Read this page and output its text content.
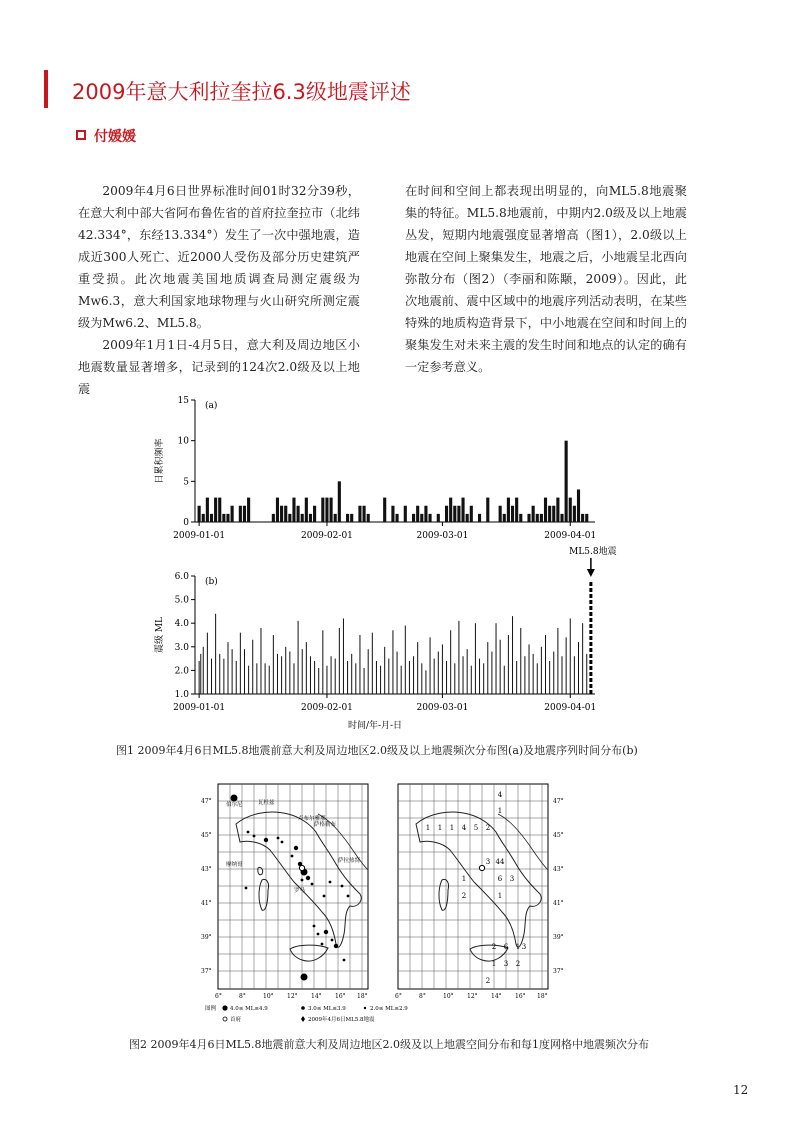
2009年意大利拉奎拉6.3级地震评述
付媛媛

2009年4月6日世界标准时间01时32分39秒，在意大利中部大省阿布鲁佐省的首府拉奎拉市（北纬42.334°，东经13.334°）发生了一次中强地震，造成近300人死亡、近2000人受伤及部分历史建筑严重受损。此次地震美国地质调查局测定震级为Mw6.3，意大利国家地球物理与火山研究所测定震级为Mw6.2、ML5.8。

2009年1月1日-4月5日，意大利及周边地区小地震数量显著增多，记录到的124次2.0级及以上地震

在时间和空间上都表现出明显的，向ML5.8地震聚集的特征。ML5.8地震前，中期内2.0级及以上地震丛发，短期内地震强度显著增高（图1），2.0级以上地震在空间上聚集发生，地震之后，小地震呈北西向弥散分布（图2）（李丽和陈颙，2009）。因此，此次地震前、震中区域中的地震序列活动表明，在某些特殊的地质构造背景下，中小地震在空间和时间上的聚集发生对未来主震的发生时间和地点的认定的确有一定参考意义。

0
5
10
15
2009-01-01	2009-02-01	2009-03-01	2009-04-01
(a)
日累积频率
1.0
2.0
3.0
4.0
5.0
6.0
2009-01-01	2009-02-01	2009-03-01	2009-04-01
时间/年-月-日
(b)
震级 ML
ML5.8地震
图1 2009年4月6日ML5.8地震前意大利及周边地区2.0级及以上地震频次分布图(a)及地震序列时间分布(b)
伯尔尼	瓦杜兹
卢布尔雅那
萨格勒布
摩纳哥
萨拉热窝
罗马
47°
45°
43°
41°
39°
37°
6°	8°	10° 12° 14° 16° 18°
4
1
1
1	1 4 5 2
3 44
1	6 3
2	1
6 1
2
3 2
3
1
2
47°
45°
43°
41°
39°
37°
6°	8°	10° 12° 14° 16° 18°
图例	4.0≤ ML≤4.9	3.0≤ ML≤3.9	2.0≤ ML≤2.9
首府	2009年4月6日ML5.8地震
图2 2009年4月6日ML5.8地震前意大利及周边地区2.0级及以上地震空间分布和每1度网格中地震频次分布
12
